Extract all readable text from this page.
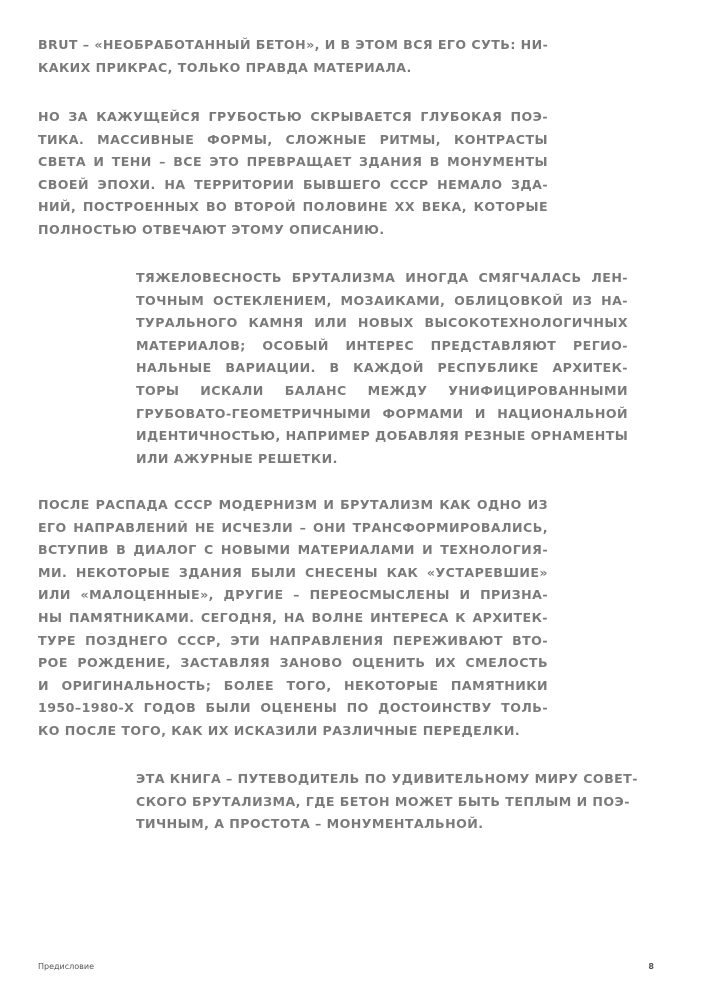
BRUT – «НЕОБРАБОТАННЫЙ БЕТОН», И В ЭТОМ ВСЯ ЕГО СУТЬ: НИ-
КАКИХ ПРИКРАС, ТОЛЬКО ПРАВДА МАТЕРИАЛА.
НО ЗА КАЖУЩЕЙСЯ ГРУБОСТЬЮ СКРЫВАЕТСЯ ГЛУБОКАЯ ПОЭ-
ТИКА. МАССИВНЫЕ ФОРМЫ, СЛОЖНЫЕ РИТМЫ, КОНТРАСТЫ
СВЕТА И ТЕНИ – ВСЕ ЭТО ПРЕВРАЩАЕТ ЗДАНИЯ В МОНУМЕНТЫ
СВОЕЙ ЭПОХИ. НА ТЕРРИТОРИИ БЫВШЕГО СССР НЕМАЛО ЗДА-
НИЙ, ПОСТРОЕННЫХ ВО ВТОРОЙ ПОЛОВИНЕ XX ВЕКА, КОТОРЫЕ
ПОЛНОСТЬЮ ОТВЕЧАЮТ ЭТОМУ ОПИСАНИЮ.
ТЯЖЕЛОВЕСНОСТЬ БРУТАЛИЗМА ИНОГДА СМЯГЧАЛАСЬ ЛЕН-
ТОЧНЫМ ОСТЕКЛЕНИЕМ, МОЗАИКАМИ, ОБЛИЦОВКОЙ ИЗ НА-
ТУРАЛЬНОГО КАМНЯ ИЛИ НОВЫХ ВЫСОКОТЕХНОЛОГИЧНЫХ
МАТЕРИАЛОВ; ОСОБЫЙ ИНТЕРЕС ПРЕДСТАВЛЯЮТ РЕГИО-
НАЛЬНЫЕ ВАРИАЦИИ. В КАЖДОЙ РЕСПУБЛИКЕ АРХИТЕК-
ТОРЫ ИСКАЛИ БАЛАНС МЕЖДУ УНИФИЦИРОВАННЫМИ
ГРУБОВАТО-ГЕОМЕТРИЧНЫМИ ФОРМАМИ И НАЦИОНАЛЬНОЙ
ИДЕНТИЧНОСТЬЮ, НАПРИМЕР ДОБАВЛЯЯ РЕЗНЫЕ ОРНАМЕНТЫ
ИЛИ АЖУРНЫЕ РЕШЕТКИ.
ПОСЛЕ РАСПАДА СССР МОДЕРНИЗМ И БРУТАЛИЗМ КАК ОДНО ИЗ
ЕГО НАПРАВЛЕНИЙ НЕ ИСЧЕЗЛИ – ОНИ ТРАНСФОРМИРОВАЛИСЬ,
ВСТУПИВ В ДИАЛОГ С НОВЫМИ МАТЕРИАЛАМИ И ТЕХНОЛОГИЯ-
МИ. НЕКОТОРЫЕ ЗДАНИЯ БЫЛИ СНЕСЕНЫ КАК «УСТАРЕВШИЕ»
ИЛИ «МАЛОЦЕННЫЕ», ДРУГИЕ – ПЕРЕОСМЫСЛЕНЫ И ПРИЗНА-
НЫ ПАМЯТНИКАМИ. СЕГОДНЯ, НА ВОЛНЕ ИНТЕРЕСА К АРХИТЕК-
ТУРЕ ПОЗДНЕГО СССР, ЭТИ НАПРАВЛЕНИЯ ПЕРЕЖИВАЮТ ВТО-
РОЕ РОЖДЕНИЕ, ЗАСТАВЛЯЯ ЗАНОВО ОЦЕНИТЬ ИХ СМЕЛОСТЬ
И ОРИГИНАЛЬНОСТЬ; БОЛЕЕ ТОГО, НЕКОТОРЫЕ ПАМЯТНИКИ
1950–1980-Х ГОДОВ БЫЛИ ОЦЕНЕНЫ ПО ДОСТОИНСТВУ ТОЛЬ-
КО ПОСЛЕ ТОГО, КАК ИХ ИСКАЗИЛИ РАЗЛИЧНЫЕ ПЕРЕДЕЛКИ.
ЭТА КНИГА – ПУТЕВОДИТЕЛЬ ПО УДИВИТЕЛЬНОМУ МИРУ СОВЕТ-
СКОГО БРУТАЛИЗМА, ГДЕ БЕТОН МОЖЕТ БЫТЬ ТЕПЛЫМ И ПОЭ-
ТИЧНЫМ, А ПРОСТОТА – МОНУМЕНТАЛЬНОЙ.
Предисловие	8
